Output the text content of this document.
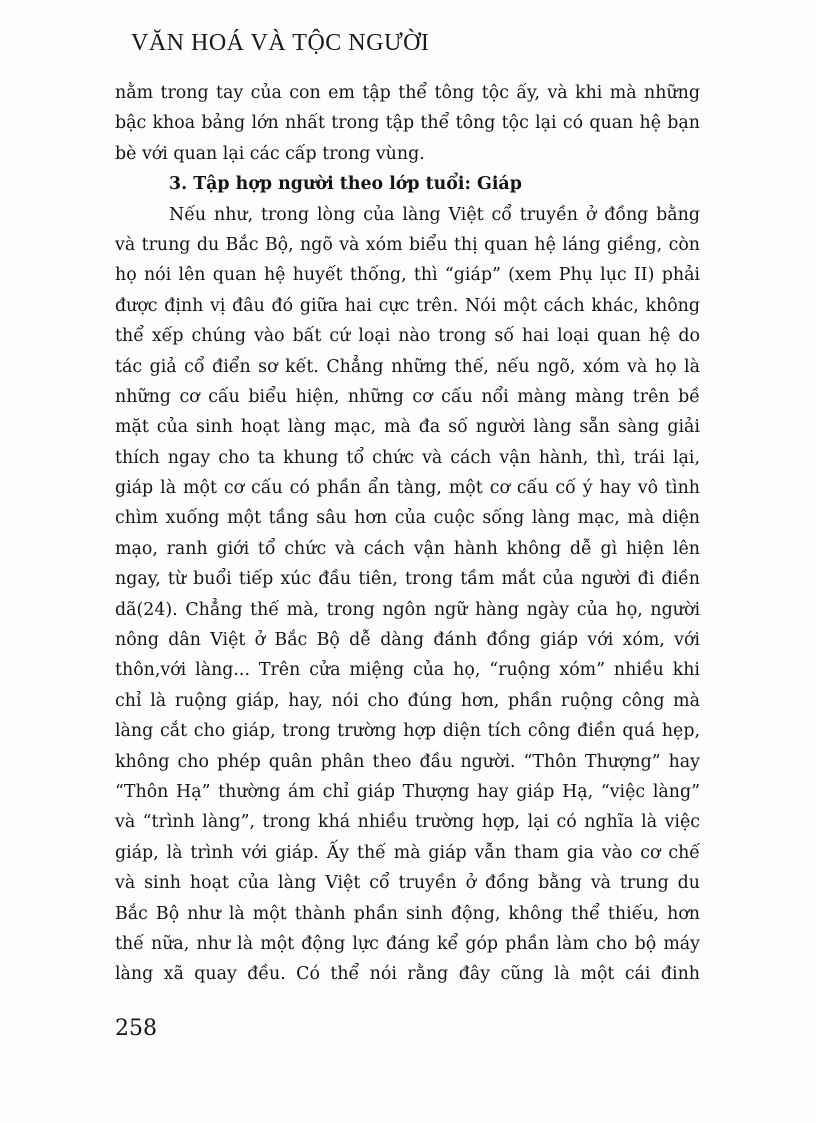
VĂN HOÁ VÀ TỘC NGƯỜI
nằm trong tay của con em tập thể tông tộc ấy, và khi mà những
bậc khoa bảng lớn nhất trong tập thể tông tộc lại có quan hệ bạn
bè với quan lại các cấp trong vùng.
3. Tập hợp người theo lớp tuổi: Giáp
Nếu như, trong lòng của làng Việt cổ truyền ở đồng bằng
và trung du Bắc Bộ, ngõ và xóm biểu thị quan hệ láng giềng, còn
họ nói lên quan hệ huyết thống, thì “giáp” (xem Phụ lục II) phải
được định vị đâu đó giữa hai cực trên. Nói một cách khác, không
thể xếp chúng vào bất cứ loại nào trong số hai loại quan hệ do
tác giả cổ điển sơ kết. Chẳng những thế, nếu ngõ, xóm và họ là
những cơ cấu biểu hiện, những cơ cấu nổi màng màng trên bề
mặt của sinh hoạt làng mạc, mà đa số người làng sẵn sàng giải
thích ngay cho ta khung tổ chức và cách vận hành, thì, trái lại,
giáp là một cơ cấu có phần ẩn tàng, một cơ cấu cố ý hay vô tình
chìm xuống một tầng sâu hơn của cuộc sống làng mạc, mà diện
mạo, ranh giới tổ chức và cách vận hành không dễ gì hiện lên
ngay, từ buổi tiếp xúc đầu tiên, trong tầm mắt của người đi điền
dã(24). Chẳng thế mà, trong ngôn ngữ hàng ngày của họ, người
nông dân Việt ở Bắc Bộ dễ dàng đánh đồng giáp với xóm, với
thôn,với làng... Trên cửa miệng của họ, “ruộng xóm” nhiều khi
chỉ là ruộng giáp, hay, nói cho đúng hơn, phần ruộng công mà
làng cắt cho giáp, trong trường hợp diện tích công điền quá hẹp,
không cho phép quân phân theo đầu người. “Thôn Thượng” hay
“Thôn Hạ” thường ám chỉ giáp Thượng hay giáp Hạ, “việc làng”
và “trình làng”, trong khá nhiều trường hợp, lại có nghĩa là việc
giáp, là trình với giáp. Ấy thế mà giáp vẫn tham gia vào cơ chế
và sinh hoạt của làng Việt cổ truyền ở đồng bằng và trung du
Bắc Bộ như là một thành phần sinh động, không thể thiếu, hơn
thế nữa, như là một động lực đáng kể góp phần làm cho bộ máy
làng xã quay đều. Có thể nói rằng đây cũng là một cái đinh
258
